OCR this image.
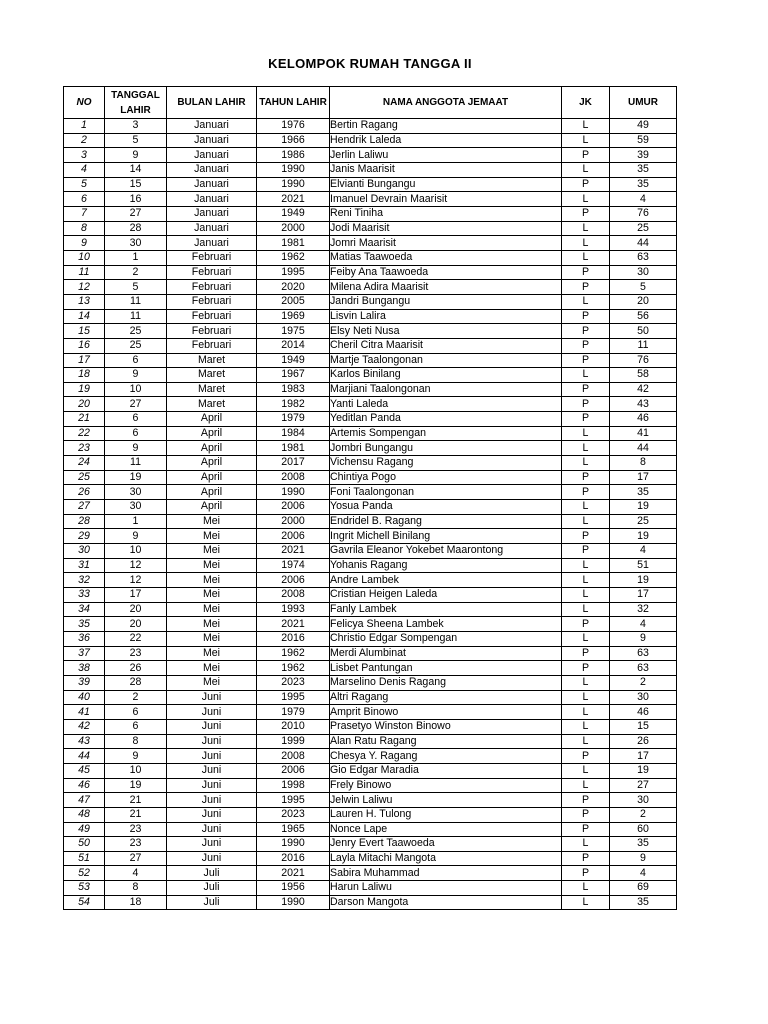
KELOMPOK RUMAH TANGGA II
NO	TANGGAL LAHIR	BULAN LAHIR	TAHUN LAHIR	NAMA ANGGOTA JEMAAT	JK	UMUR
1	3	Januari	1976	Bertin Ragang	L	49
2	5	Januari	1966	Hendrik Laleda	L	59
3	9	Januari	1986	Jerlin Laliwu	P	39
4	14	Januari	1990	Janis Maarisit	L	35
5	15	Januari	1990	Elvianti Bungangu	P	35
6	16	Januari	2021	Imanuel Devrain Maarisit	L	4
7	27	Januari	1949	Reni Tiniha	P	76
8	28	Januari	2000	Jodi Maarisit	L	25
9	30	Januari	1981	Jomri Maarisit	L	44
10	1	Februari	1962	Matias Taawoeda	L	63
11	2	Februari	1995	Feiby Ana Taawoeda	P	30
12	5	Februari	2020	Milena Adira Maarisit	P	5
13	11	Februari	2005	Jandri Bungangu	L	20
14	11	Februari	1969	Lisvin Lalira	P	56
15	25	Februari	1975	Elsy Neti Nusa	P	50
16	25	Februari	2014	Cheril Citra Maarisit	P	11
17	6	Maret	1949	Martje Taalongonan	P	76
18	9	Maret	1967	Karlos Binilang	L	58
19	10	Maret	1983	Marjiani Taalongonan	P	42
20	27	Maret	1982	Yanti Laleda	P	43
21	6	April	1979	Yeditlan Panda	P	46
22	6	April	1984	Artemis Sompengan	L	41
23	9	April	1981	Jombri Bungangu	L	44
24	11	April	2017	Vichensu Ragang	L	8
25	19	April	2008	Chintiya Pogo	P	17
26	30	April	1990	Foni Taalongonan	P	35
27	30	April	2006	Yosua Panda	L	19
28	1	Mei	2000	Endridel B. Ragang	L	25
29	9	Mei	2006	Ingrit Michell Binilang	P	19
30	10	Mei	2021	Gavrila Eleanor Yokebet Maarontong	P	4
31	12	Mei	1974	Yohanis Ragang	L	51
32	12	Mei	2006	Andre Lambek	L	19
33	17	Mei	2008	Cristian Heigen Laleda	L	17
34	20	Mei	1993	Fanly Lambek	L	32
35	20	Mei	2021	Felicya Sheena Lambek	P	4
36	22	Mei	2016	Christio Edgar Sompengan	L	9
37	23	Mei	1962	Merdi Alumbinat	P	63
38	26	Mei	1962	Lisbet Pantungan	P	63
39	28	Mei	2023	Marselino Denis Ragang	L	2
40	2	Juni	1995	Altri Ragang	L	30
41	6	Juni	1979	Amprit Binowo	L	46
42	6	Juni	2010	Prasetyo Winston Binowo	L	15
43	8	Juni	1999	Alan Ratu Ragang	L	26
44	9	Juni	2008	Chesya Y. Ragang	P	17
45	10	Juni	2006	Gio Edgar Maradia	L	19
46	19	Juni	1998	Frely Binowo	L	27
47	21	Juni	1995	Jelwin Laliwu	P	30
48	21	Juni	2023	Lauren H. Tulong	P	2
49	23	Juni	1965	Nonce Lape	P	60
50	23	Juni	1990	Jenry Evert Taawoeda	L	35
51	27	Juni	2016	Layla Mitachi Mangota	P	9
52	4	Juli	2021	Sabira Muhammad	P	4
53	8	Juli	1956	Harun Laliwu	L	69
54	18	Juli	1990	Darson Mangota	L	35
